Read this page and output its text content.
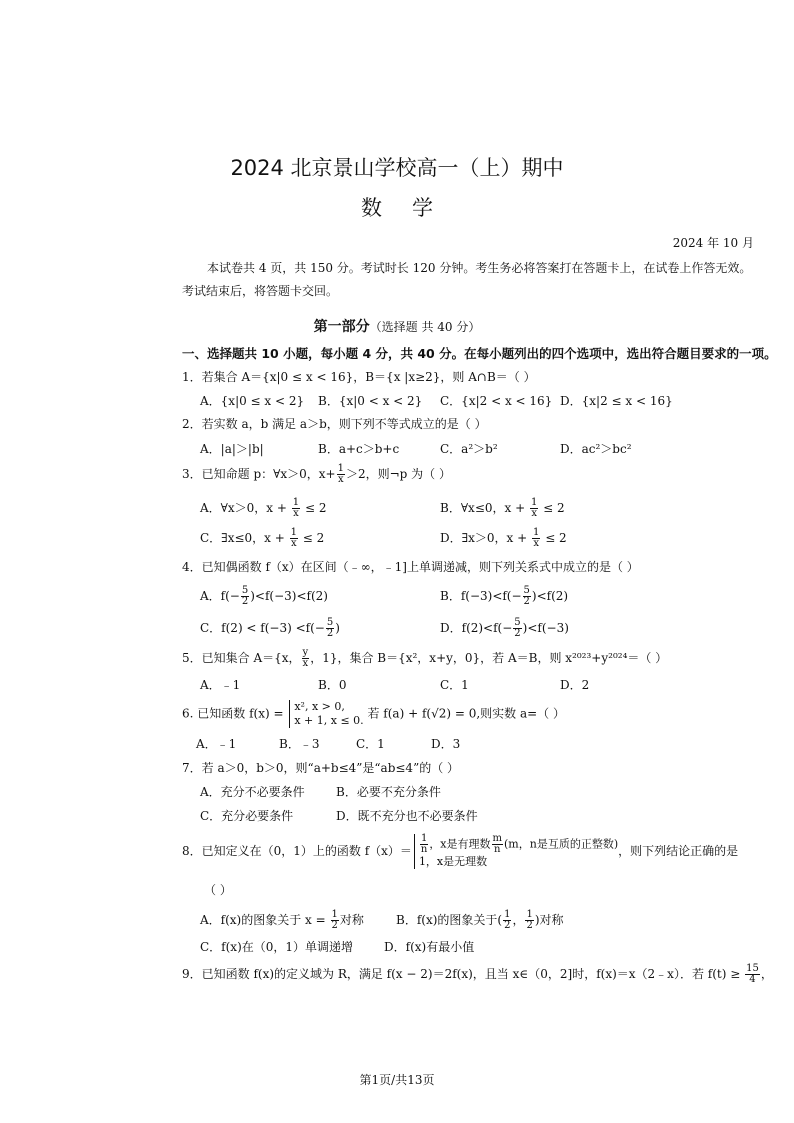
2024 北京景山学校高一（上）期中
数学
2024 年 10 月
本试卷共 4 页，共 150 分。考试时长 120 分钟。考生务必将答案打在答题卡上，在试卷上作答无效。
考试结束后，将答题卡交回。
第一部分（选择题 共 40 分）
一、选择题共 10 小题，每小题 4 分，共 40 分。在每小题列出的四个选项中，选出符合题目要求的一项。
1．若集合 A＝{x|0 ≤ x < 16}，B＝{x |x≥2}，则 A∩B＝（ ）
A．{x|0 ≤ x < 2} B．{x|0 < x < 2} C．{x|2 < x < 16} D．{x|2 ≤ x < 16}
2．若实数 a，b 满足 a＞b，则下列不等式成立的是（ ）
A．|a|＞|b|	B．a+c＞b+c	C．a²＞b²	D．ac²＞bc²
3．已知命题 p：∀x＞0，$x+ \frac{1}{x} >2$，则¬p 为（ ）
A．∀x＞0，$x + \frac{1}{x} \le 2$	B．∀x≤0，$x + \frac{1}{x} \le 2$
C．∃x≤0，$x + \frac{1}{x} \le 2$	D．∃x＞0，$x + \frac{1}{x} \le 2$
4．已知偶函数 f（x）在区间（﹣∞，﹣1]上单调递减，则下列关系式中成立的是（ ）
A．$f(- \frac{5}{2} )<f(-3)<f(2)$	B．$f(-3)<f(- \frac{5}{2} )<f(2)$
C．$f(2) < f(-3) <f(- \frac{5}{2}$ )	D．$f(2)<f(- \frac{5}{2} )<f(-3)$
5．已知集合 A＝{x， $\frac{y}{x}$ ，1}，集合 B＝{x²，x+y，0}，若 A＝B，则 x²⁰²³+y²⁰²⁴＝（ ）
A．﹣1	B．0	C．1	D．2
6. 已知函数 f(x) = x², x > 0,
x + 1, x ≤ 0. 若 f(a) + f(√2) = 0,则实数 a=（ ）
A．﹣1	B．﹣3	C．1	D．3
7．若 a＞0，b＞0，则“a+b≤4”是“ab≤4”的（ ）
A．充分不必要条件	B．必要不充分条件
C．充分必要条件	D．既不充分也不必要条件
8．已知定义在（0，1）上的函数 $f(x)= \frac{1}{n}$ ，x是有理数 $\frac{m}{n} (m$，n是互质的正整数)
1，x是无理数
，则下列结论正确的是
（ ）
A．f(x)的图象关于 $x = \frac{1}{2}$ 对称	B．f(x)的图象关于( $\frac{1}{2}$ ， $\frac{1}{2}$ )对称
C．f(x)在（0，1）单调递增	D．f(x)有最小值
9．已知函数 f(x)的定义域为 R，满足 f(x − 2)＝2f(x)，且当 x∈（0，2]时，f(x)＝x（2﹣x）．若 $f(t) \ge \frac{15}{4}$ ，
第1页/共13页
